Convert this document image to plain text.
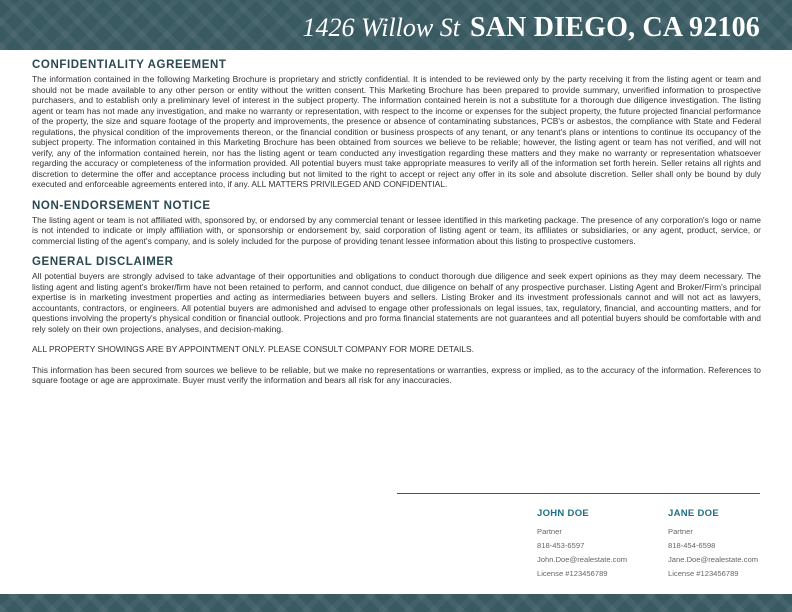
1426 Willow St SAN DIEGO, CA 92106
CONFIDENTIALITY AGREEMENT

The information contained in the following Marketing Brochure is proprietary and strictly confidential. It is intended to be reviewed only by the party receiving it from the listing agent or team and should not be made available to any other person or entity without the written consent. This Marketing Brochure has been prepared to provide summary, unverified information to prospective purchasers, and to establish only a preliminary level of interest in the subject property. The information contained herein is not a substitute for a thorough due diligence investigation. The listing agent or team has not made any investigation, and make no warranty or representation, with respect to the income or expenses for the subject property, the future projected financial performance of the property, the size and square footage of the property and improvements, the presence or absence of contaminating substances, PCB's or asbestos, the compliance with State and Federal regulations, the physical condition of the improvements thereon, or the financial condition or business prospects of any tenant, or any tenant's plans or intentions to continue its occupancy of the subject property. The information contained in this Marketing Brochure has been obtained from sources we believe to be reliable; however, the listing agent or team has not verified, and will not verify, any of the information contained herein, nor has the listing agent or team conducted any investigation regarding these matters and they make no warranty or representation whatsoever regarding the accuracy or completeness of the information provided. All potential buyers must take appropriate measures to verify all of the information set forth herein. Seller retains all rights and discretion to determine the offer and acceptance process including but not limited to the right to accept or reject any offer in its sole and absolute discretion. Seller shall only be bound by duly executed and enforceable agreements entered into, if any. ALL MATTERS PRIVILEGED AND CONFIDENTIAL.

NON-ENDORSEMENT NOTICE

The listing agent or team is not affiliated with, sponsored by, or endorsed by any commercial tenant or lessee identified in this marketing package. The presence of any corporation's logo or name is not intended to indicate or imply affiliation with, or sponsorship or endorsement by, said corporation of listing agent or team, its affiliates or subsidiaries, or any agent, product, service, or commercial listing of the agent's company, and is solely included for the purpose of providing tenant lessee information about this listing to prospective customers.

GENERAL DISCLAIMER

All potential buyers are strongly advised to take advantage of their opportunities and obligations to conduct thorough due diligence and seek expert opinions as they may deem necessary. The listing agent and listing agent's broker/firm have not been retained to perform, and cannot conduct, due diligence on behalf of any prospective purchaser. Listing Agent and Broker/Firm's principal expertise is in marketing investment properties and acting as intermediaries between buyers and sellers. Listing Broker and its investment professionals cannot and will not act as lawyers, accountants, contractors, or engineers. All potential buyers are admonished and advised to engage other professionals on legal issues, tax, regulatory, financial, and accounting matters, and for questions involving the property's physical condition or financial outlook. Projections and pro forma financial statements are not guarantees and all potential buyers should be comfortable with and rely solely on their own projections, analyses, and decision-making.

ALL PROPERTY SHOWINGS ARE BY APPOINTMENT ONLY. PLEASE CONSULT COMPANY FOR MORE DETAILS.

This information has been secured from sources we believe to be reliable, but we make no representations or warranties, express or implied, as to the accuracy of the information. References to square footage or age are approximate. Buyer must verify the information and bears all risk for any inaccuracies.

JOHN DOE
Partner
818-453-6597
John.Doe@realestate.com
License #123456789
JANE DOE
Partner
818-454-6598
Jane.Doe@realestate.com
License #123456789
